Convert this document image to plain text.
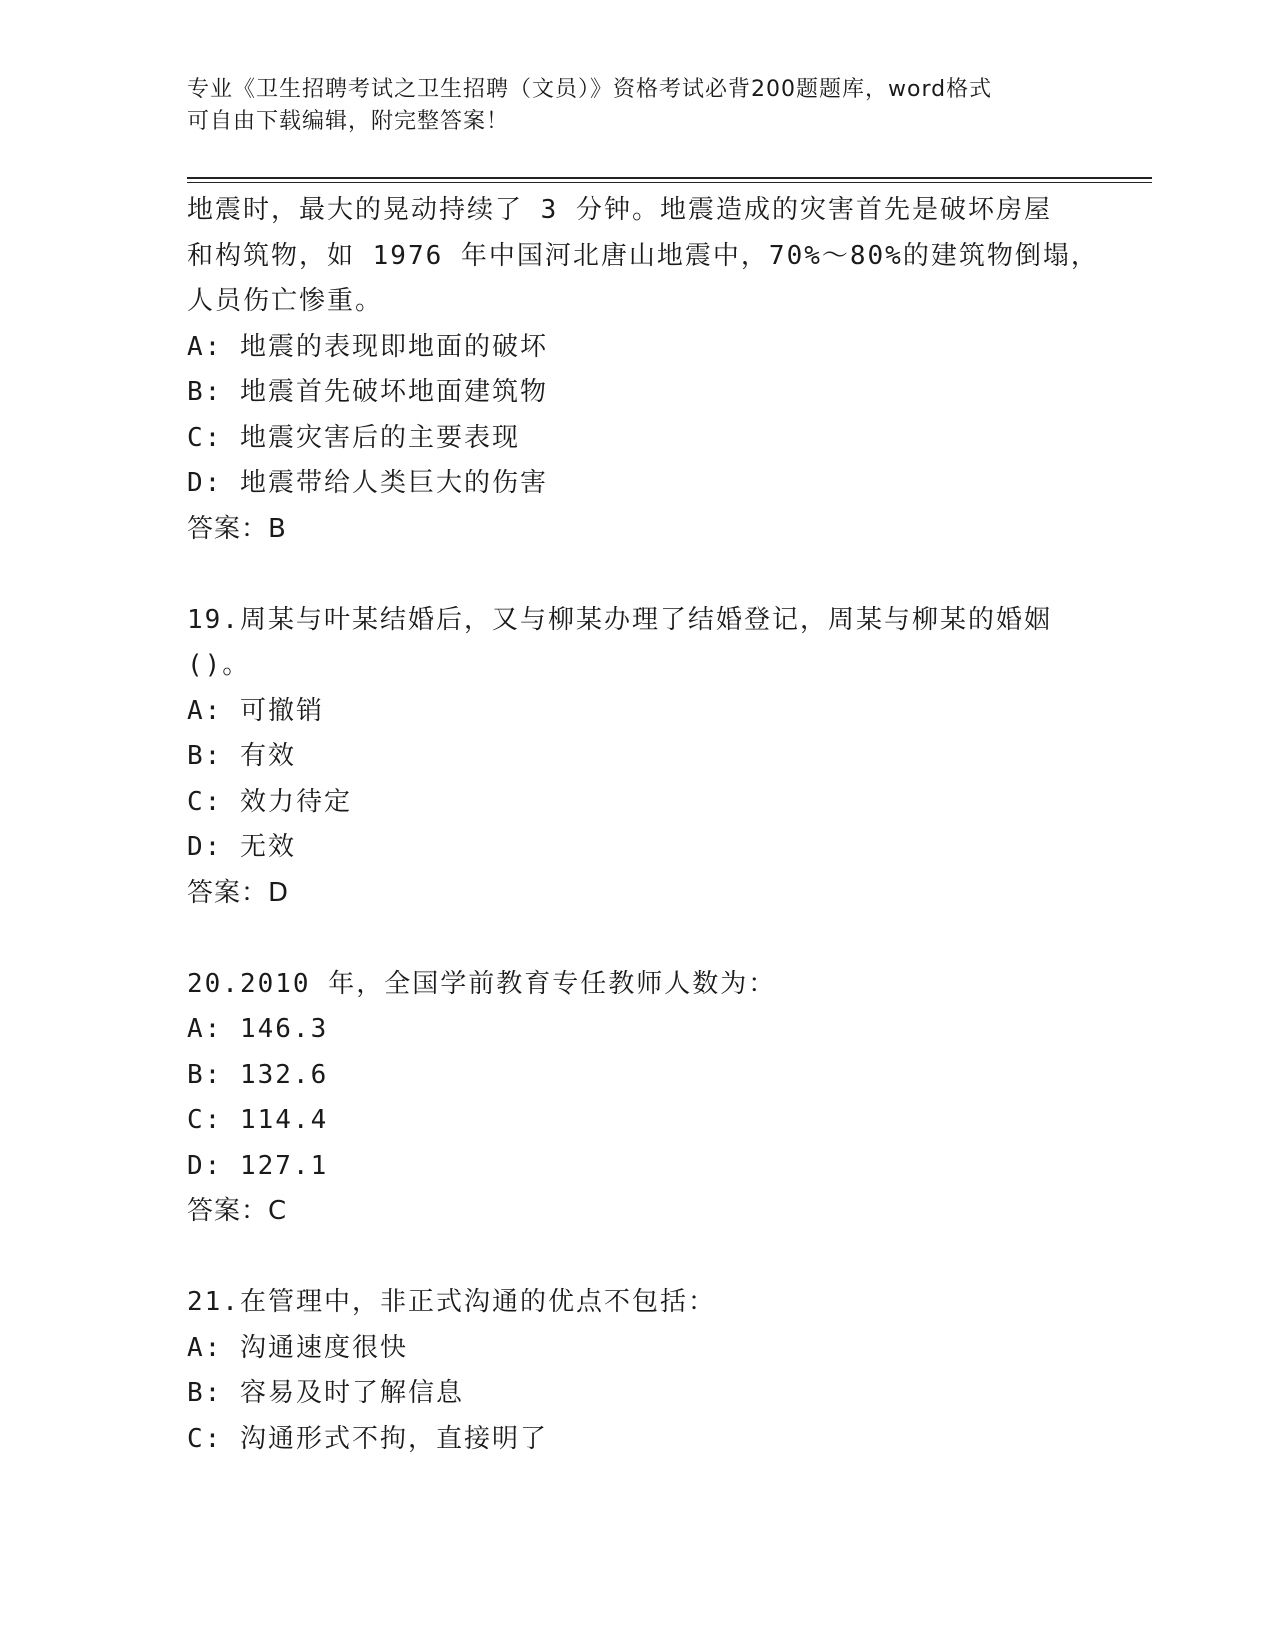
专业《卫生招聘考试之卫生招聘（文员）》资格考试必背200题题库，word格式
可自由下载编辑，附完整答案！
地震时，最大的晃动持续了 3 分钟。地震造成的灾害首先是破坏房屋
和构筑物，如 1976 年中国河北唐山地震中，70%～80%的建筑物倒塌，
人员伤亡惨重。
A: 地震的表现即地面的破坏
B: 地震首先破坏地面建筑物
C: 地震灾害后的主要表现
D: 地震带给人类巨大的伤害
答案：B
19.周某与叶某结婚后，又与柳某办理了结婚登记，周某与柳某的婚姻
()。
A: 可撤销
B: 有效
C: 效力待定
D: 无效
答案：D
20.2010 年，全国学前教育专任教师人数为：
A: 146.3
B: 132.6
C: 114.4
D: 127.1
答案：C
21.在管理中，非正式沟通的优点不包括：
A: 沟通速度很快
B: 容易及时了解信息
C: 沟通形式不拘，直接明了
